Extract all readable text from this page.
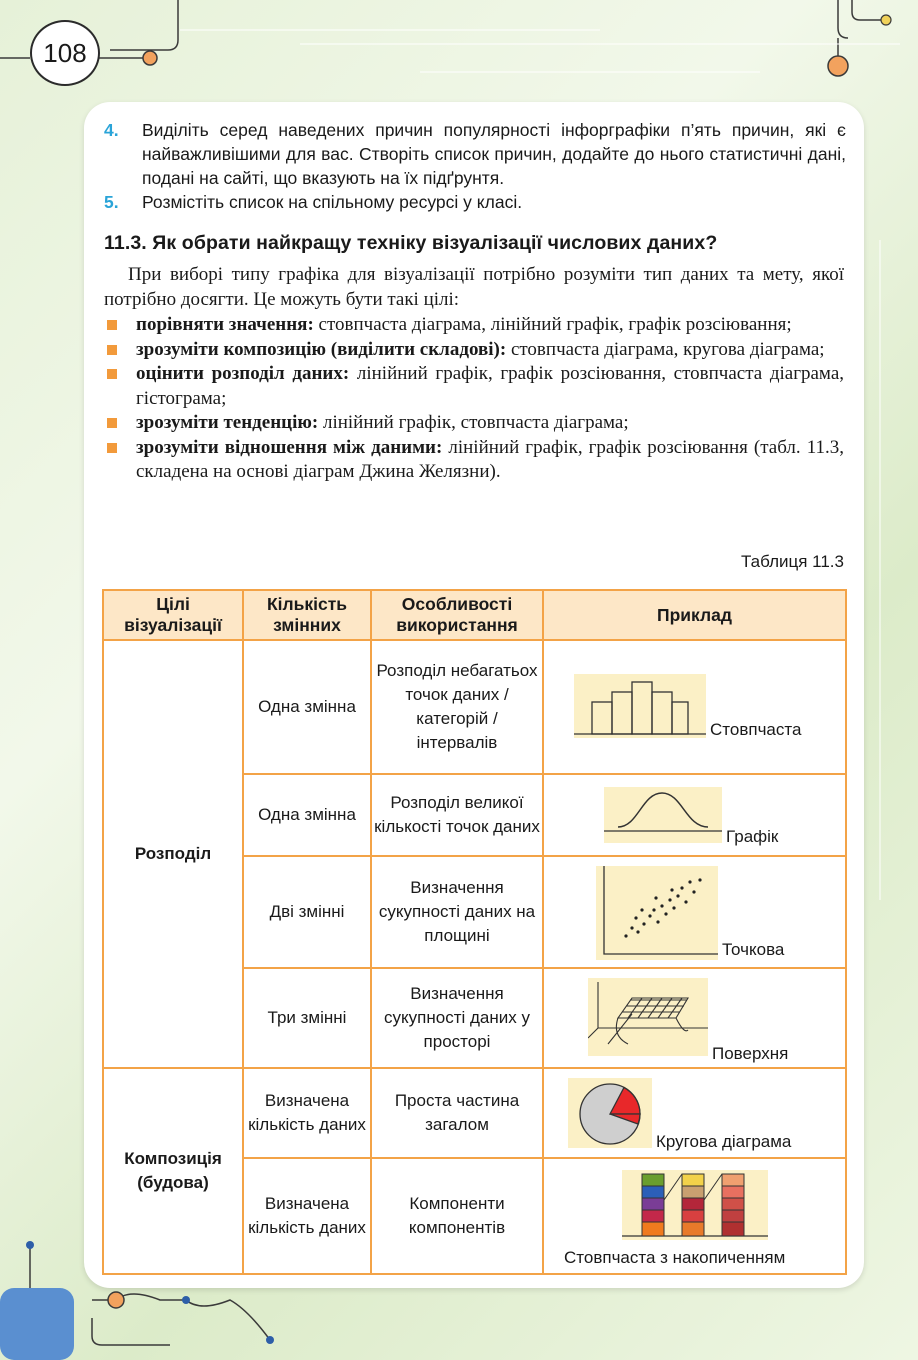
108
4. Виділіть серед наведених причин популярності інфорграфіки п’ять причин, які є найважливішими для вас. Створіть список причин, додайте до нього статистичні дані, подані на сайті, що вказують на їх підґрунтя.
5. Розмістіть список на спільному ресурсі у класі.
11.3. Як обрати найкращу техніку візуалізації числових даних?
При виборі типу графіка для візуалізації потрібно розуміти тип даних та мету, якої потрібно досягти. Це можуть бути такі цілі:
порівняти значення: стовпчаста діаграма, лінійний графік, графік розсіювання;
зрозуміти композицію (виділити складові): стовпчаста діаграма, кругова діаграма;
оцінити розподіл даних: лінійний графік, графік розсіювання, стовпчаста діаграма, гістограма;
зрозуміти тенденцію: лінійний графік, стовпчаста діаграма;
зрозуміти відношення між даними: лінійний графік, графік розсіювання (табл. 11.3, складена на основі діаграм Джина Желязни).
Таблиця 11.3
Цілі візуалізації	Кількість змінних	Особливості використання	Приклад
Розподіл	Одна змінна	Розподіл небагатьох точок даних / категорій / інтервалів	Стовпчаста

	Одна змінна	Розподіл великої кількості точок даних	Графік

	Дві змінні	Визначення сукупності даних на площині	Точкова

	Три змінні	Визначення сукупності даних у просторі	Поверхня

Композиція (будова)	Визначена кількість даних	Проста частина загалом	Кругова діаграма

	Визначена кількість даних	Компоненти компонентів	Стовпчаста з накопиченням
